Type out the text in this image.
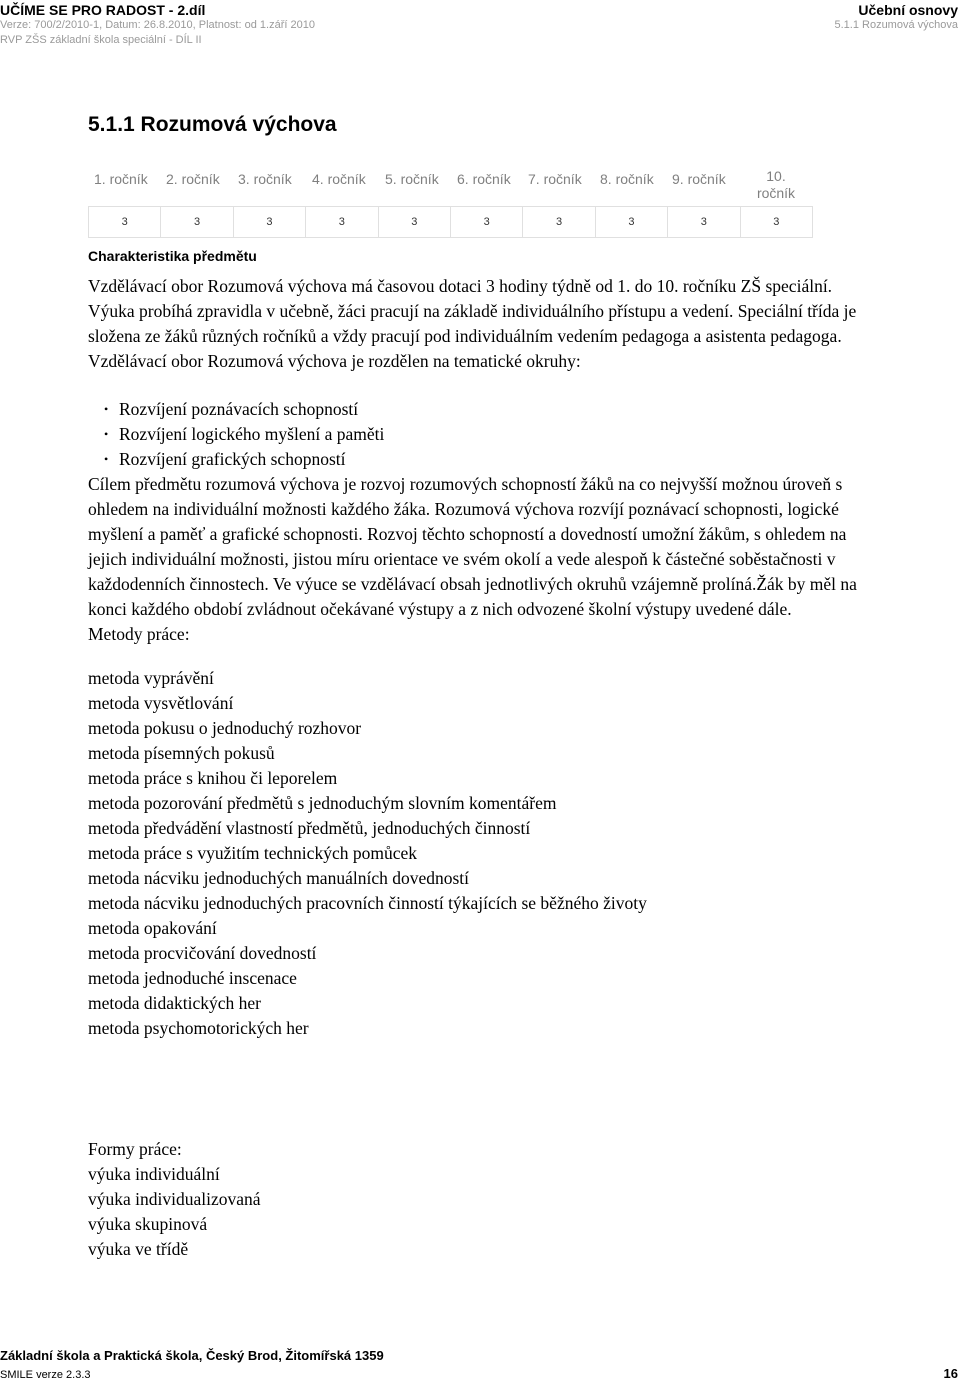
UČÍME SE PRO RADOST - 2.díl
Verze: 700/2/2010-1, Datum: 26.8.2010, Platnost: od 1.září 2010
RVP ZŠS základní škola speciální - DÍL II
Učební osnovy
5.1.1 Rozumová výchova
5.1.1 Rozumová výchova
1. ročník 2. ročník 3. ročník 4. ročník 5. ročník 6. ročník 7. ročník 8. ročník 9. ročník	10.
ročník
3	3	3	3	3	3	3	3	3	3
Charakteristika předmětu

Vzdělávací obor Rozumová výchova má časovou dotaci 3 hodiny týdně od 1. do 10. ročníku ZŠ speciální. Výuka probíhá zpravidla v učebně, žáci pracují na základě individuálního přístupu a vedení. Speciální třída je složena ze žáků různých ročníků a vždy pracují pod individuálním vedením pedagoga a asistenta pedagoga.

Vzdělávací obor Rozumová výchova je rozdělen na tematické okruhy:

• Rozvíjení poznávacích schopností
• Rozvíjení logického myšlení a paměti
• Rozvíjení grafických schopností

Cílem předmětu rozumová výchova je rozvoj rozumových schopností žáků na co nejvyšší možnou úroveň s ohledem na individuální možnosti každého žáka. Rozumová výchova rozvíjí poznávací schopnosti, logické myšlení a paměť a grafické schopnosti. Rozvoj těchto schopností a dovedností umožní žákům, s ohledem na jejich individuální možnosti, jistou míru orientace ve svém okolí a vede alespoň k částečné soběstačnosti v každodenních činnostech. Ve výuce se vzdělávací obsah jednotlivých okruhů vzájemně prolíná.Žák by měl na konci každého období zvládnout očekávané výstupy a z nich odvozené školní výstupy uvedené dále.

Metody práce:

metoda vyprávění
metoda vysvětlování
metoda pokusu o jednoduchý rozhovor
metoda písemných pokusů
metoda práce s knihou či leporelem
metoda pozorování předmětů s jednoduchým slovním komentářem
metoda předvádění vlastností předmětů, jednoduchých činností
metoda práce s využitím technických pomůcek
metoda nácviku jednoduchých manuálních dovedností
metoda nácviku jednoduchých pracovních činností týkajících se běžného životy
metoda opakování
metoda procvičování dovedností
metoda jednoduché inscenace
metoda didaktických her
metoda psychomotorických her
Formy práce:
výuka individuální
výuka individualizovaná
výuka skupinová
výuka ve třídě
Základní škola a Praktická škola, Český Brod, Žitomířská 1359
SMILE verze 2.3.3	16
